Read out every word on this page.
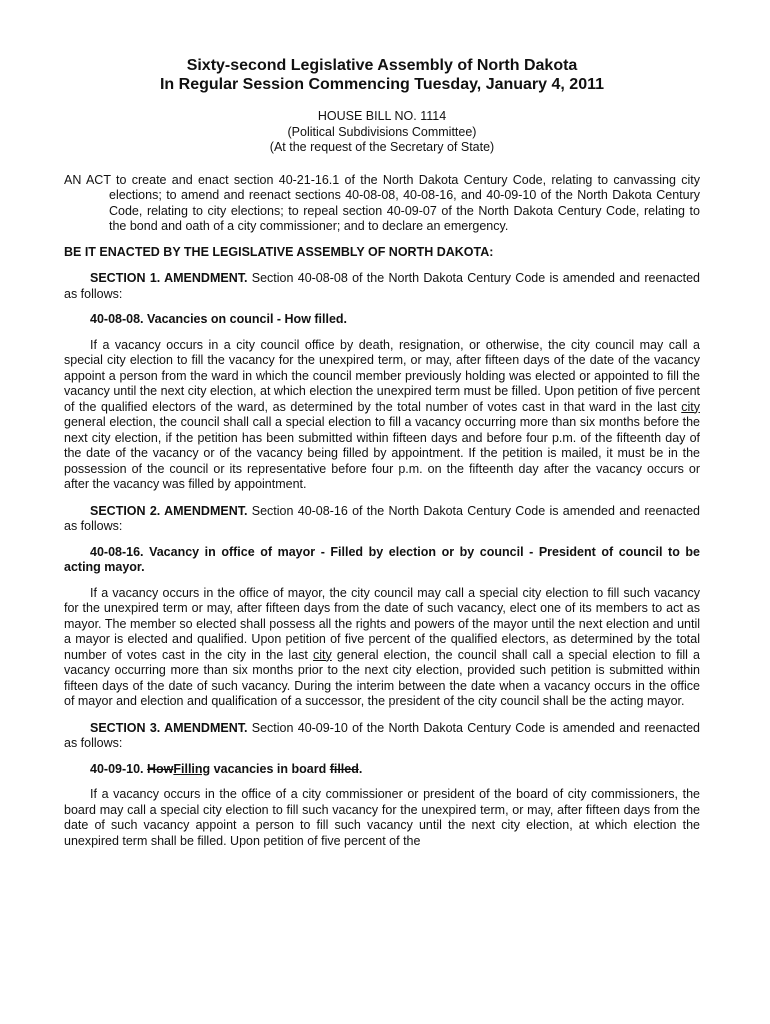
Sixty-second Legislative Assembly of North Dakota
In Regular Session Commencing Tuesday, January 4, 2011
HOUSE BILL NO. 1114
(Political Subdivisions Committee)
(At the request of the Secretary of State)

AN ACT to create and enact section 40-21-16.1 of the North Dakota Century Code, relating to canvassing city elections; to amend and reenact sections 40-08-08, 40-08-16, and 40-09-10 of the North Dakota Century Code, relating to city elections; to repeal section 40-09-07 of the North Dakota Century Code, relating to the bond and oath of a city commissioner; and to declare an emergency.

BE IT ENACTED BY THE LEGISLATIVE ASSEMBLY OF NORTH DAKOTA:

SECTION 1. AMENDMENT. Section 40-08-08 of the North Dakota Century Code is amended and reenacted as follows:

40-08-08. Vacancies on council - How filled.

If a vacancy occurs in a city council office by death, resignation, or otherwise, the city council may call a special city election to fill the vacancy for the unexpired term, or may, after fifteen days of the date of the vacancy appoint a person from the ward in which the council member previously holding was elected or appointed to fill the vacancy until the next city election, at which election the unexpired term must be filled. Upon petition of five percent of the qualified electors of the ward, as determined by the total number of votes cast in that ward in the last city general election, the council shall call a special election to fill a vacancy occurring more than six months before the next city election, if the petition has been submitted within fifteen days and before four p.m. of the fifteenth day of the date of the vacancy or of the vacancy being filled by appointment. If the petition is mailed, it must be in the possession of the council or its representative before four p.m. on the fifteenth day after the vacancy occurs or after the vacancy was filled by appointment.

SECTION 2. AMENDMENT. Section 40-08-16 of the North Dakota Century Code is amended and reenacted as follows:

40-08-16. Vacancy in office of mayor - Filled by election or by council - President of council to be acting mayor.

If a vacancy occurs in the office of mayor, the city council may call a special city election to fill such vacancy for the unexpired term or may, after fifteen days from the date of such vacancy, elect one of its members to act as mayor. The member so elected shall possess all the rights and powers of the mayor until the next election and until a mayor is elected and qualified. Upon petition of five percent of the qualified electors, as determined by the total number of votes cast in the city in the last city general election, the council shall call a special election to fill a vacancy occurring more than six months prior to the next city election, provided such petition is submitted within fifteen days of the date of such vacancy. During the interim between the date when a vacancy occurs in the office of mayor and election and qualification of a successor, the president of the city council shall be the acting mayor.

SECTION 3. AMENDMENT. Section 40-09-10 of the North Dakota Century Code is amended and reenacted as follows:

40-09-10. HowFilling vacancies in board filled.

If a vacancy occurs in the office of a city commissioner or president of the board of city commissioners, the board may call a special city election to fill such vacancy for the unexpired term, or may, after fifteen days from the date of such vacancy appoint a person to fill such vacancy until the next city election, at which election the unexpired term shall be filled. Upon petition of five percent of the
